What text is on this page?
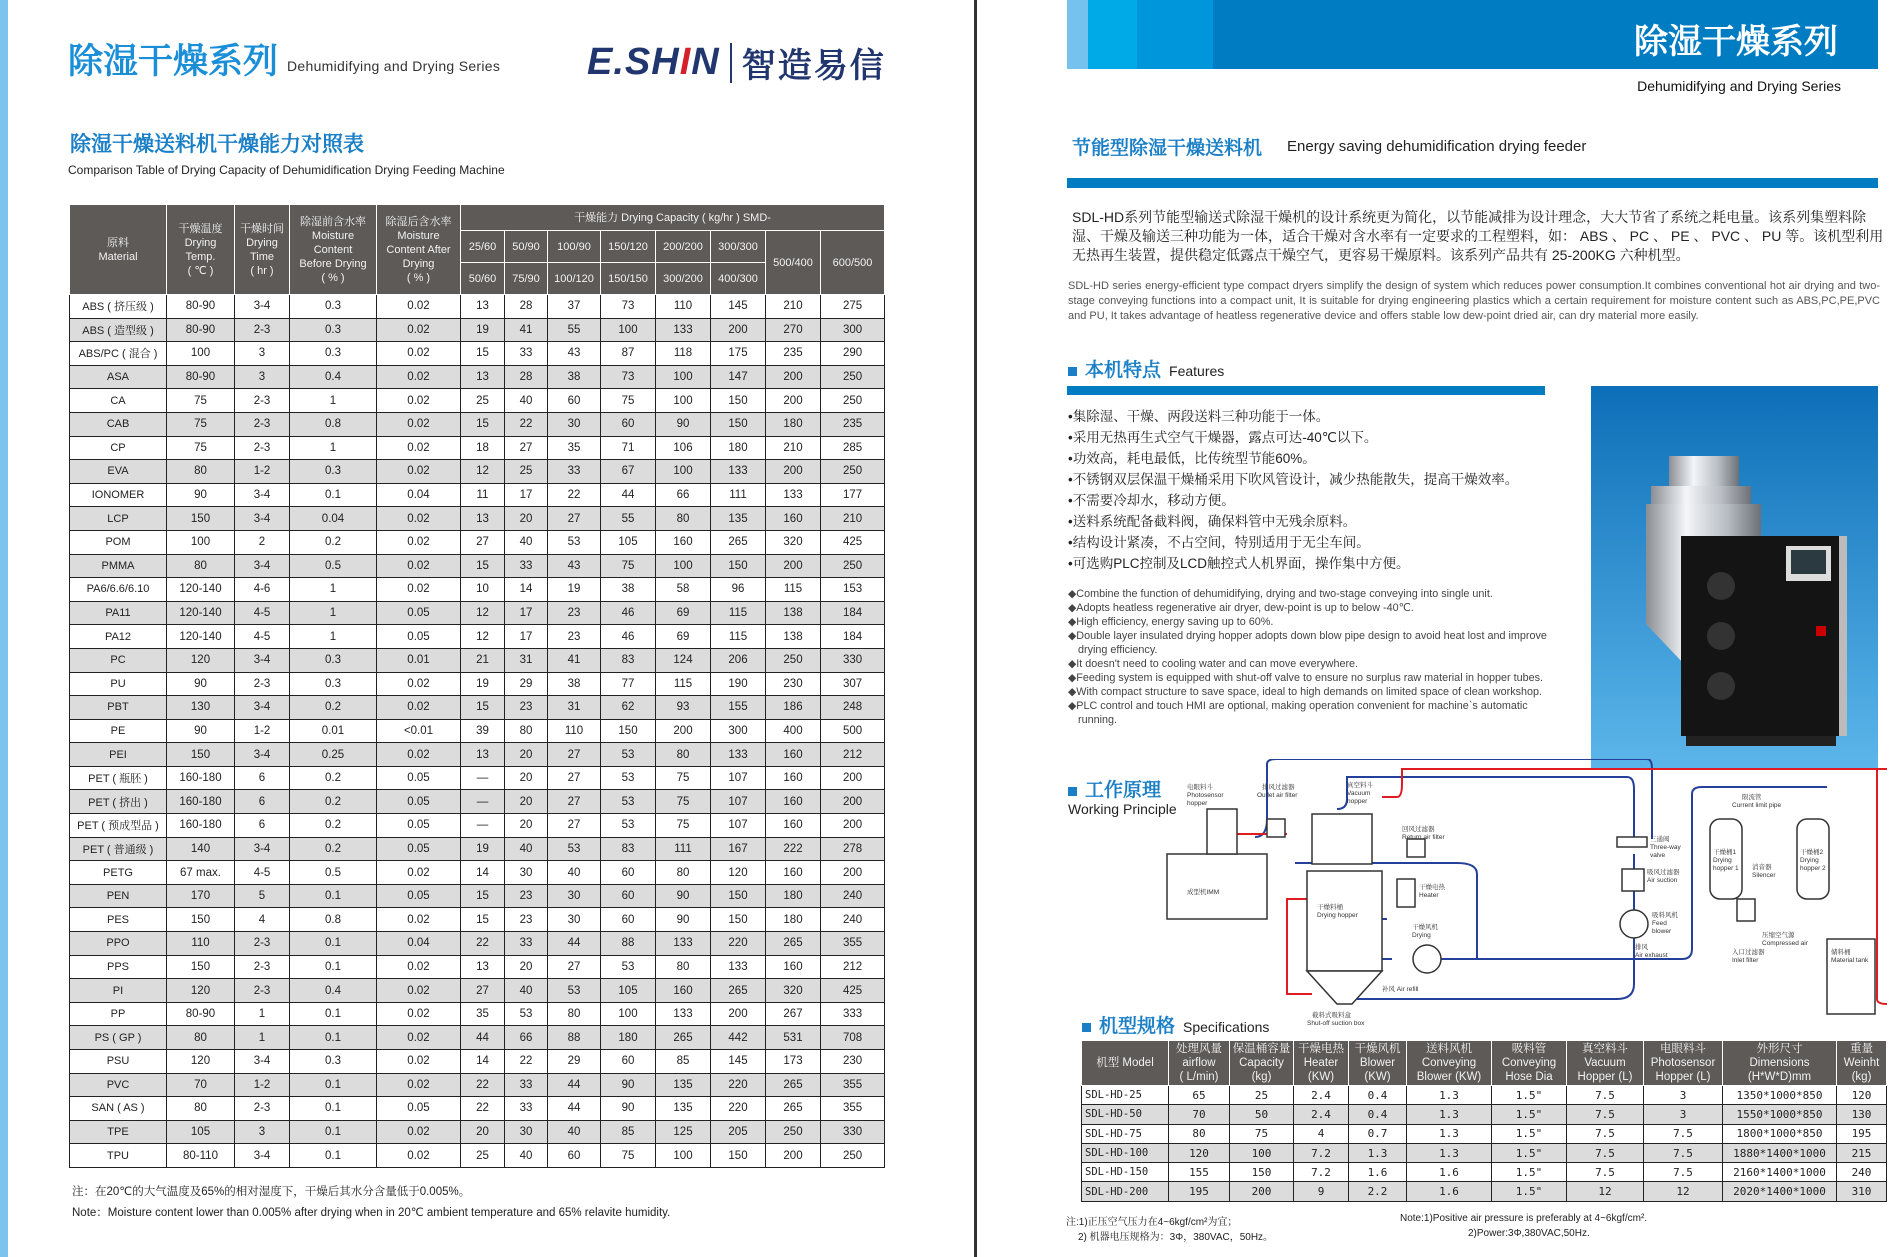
除湿干燥系列 Dehumidifying and Drying Series E.SHIN 智造易信
除湿干燥送料机干燥能力对照表
Comparison Table of Drying Capacity of Dehumidification Drying Feeding Machine
原料
Material	干燥温度
Drying
Temp.
( ℃ )	干燥时间
Drying
Time
( hr )	除湿前含水率
Moisture
Content
Before Drying
( % )	除湿后含水率
Moisture
Content After
Drying
( % )	干燥能力 Drying Capacity ( kg/hr ) SMD-							
					25/60	50/90	100/90	150/120	200/200	300/300	500/400	600/500
					50/60	75/90	100/120	150/150	300/200	400/300		
ABS ( 挤压级 )	80-90	3-4	0.3	0.02	13	28	37	73	110	145	210	275
ABS ( 造型级 )	80-90	2-3	0.3	0.02	19	41	55	100	133	200	270	300
ABS/PC ( 混合 )	100	3	0.3	0.02	15	33	43	87	118	175	235	290
ASA	80-90	3	0.4	0.02	13	28	38	73	100	147	200	250
CA	75	2-3	1	0.02	25	40	60	75	100	150	200	250
CAB	75	2-3	0.8	0.02	15	22	30	60	90	150	180	235
CP	75	2-3	1	0.02	18	27	35	71	106	180	210	285
EVA	80	1-2	0.3	0.02	12	25	33	67	100	133	200	250
IONOMER	90	3-4	0.1	0.04	11	17	22	44	66	111	133	177
LCP	150	3-4	0.04	0.02	13	20	27	55	80	135	160	210
POM	100	2	0.2	0.02	27	40	53	105	160	265	320	425
PMMA	80	3-4	0.5	0.02	15	33	43	75	100	150	200	250
PA6/6.6/6.10	120-140	4-6	1	0.02	10	14	19	38	58	96	115	153
PA11	120-140	4-5	1	0.05	12	17	23	46	69	115	138	184
PA12	120-140	4-5	1	0.05	12	17	23	46	69	115	138	184
PC	120	3-4	0.3	0.01	21	31	41	83	124	206	250	330
PU	90	2-3	0.3	0.02	19	29	38	77	115	190	230	307
PBT	130	3-4	0.2	0.02	15	23	31	62	93	155	186	248
PE	90	1-2	0.01	<0.01	39	80	110	150	200	300	400	500
PEI	150	3-4	0.25	0.02	13	20	27	53	80	133	160	212
PET ( 瓶胚 )	160-180	6	0.2	0.05	—	20	27	53	75	107	160	200
PET ( 挤出 )	160-180	6	0.2	0.05	—	20	27	53	75	107	160	200
PET ( 预成型品 )	160-180	6	0.2	0.05	—	20	27	53	75	107	160	200
PET ( 普通级 )	140	3-4	0.2	0.05	19	40	53	83	111	167	222	278
PETG	67 max.	4-5	0.5	0.02	14	30	40	60	80	120	160	200
PEN	170	5	0.1	0.05	15	23	30	60	90	150	180	240
PES	150	4	0.8	0.02	15	23	30	60	90	150	180	240
PPO	110	2-3	0.1	0.04	22	33	44	88	133	220	265	355
PPS	150	2-3	0.1	0.02	13	20	27	53	80	133	160	212
PI	120	2-3	0.4	0.02	27	40	53	105	160	265	320	425
PP	80-90	1	0.1	0.02	35	53	80	100	133	200	267	333
PS ( GP )	80	1	0.1	0.02	44	66	88	180	265	442	531	708
PSU	120	3-4	0.3	0.02	14	22	29	60	85	145	173	230
PVC	70	1-2	0.1	0.02	22	33	44	90	135	220	265	355
SAN ( AS )	80	2-3	0.1	0.05	22	33	44	90	135	220	265	355
TPE	105	3	0.1	0.02	20	30	40	85	125	205	250	330
TPU	80-110	3-4	0.1	0.02	25	40	60	75	100	150	200	250
注：在20℃的大气温度及65%的相对湿度下，干燥后其水分含量低于0.005%。
Note：Moisture content lower than 0.005% after drying when in 20℃ ambient temperature and 65% relavite humidity.
除湿干燥系列
Dehumidifying and Drying Series
节能型除湿干燥送料机 Energy saving dehumidification drying feeder
SDL-HD系列节能型输送式除湿干燥机的设计系统更为简化，以节能减排为设计理念，大大节省了系统之耗电量。该系列集塑料除湿、干燥及输送三种功能为一体，适合干燥对含水率有一定要求的工程塑料，如： ABS 、 PC 、 PE 、 PVC 、 PU 等。该机型利用无热再生装置，提供稳定低露点干燥空气，更容易干燥原料。该系列产品共有 25-200KG 六种机型。
SDL-HD series energy-efficient type compact dryers simplify the design of system which reduces power consumption.It combines conventional hot air drying and two-stage conveying functions into a compact unit, It is suitable for drying engineering plastics which a certain requirement for moisture content such as ABS,PC,PE,PVC and PU, It takes advantage of heatless regenerative device and offers stable low dew-point dried air, can dry material more easily.
本机特点 Features
•集除湿、干燥、两段送料三种功能于一体。
•采用无热再生式空气干燥器，露点可达-40℃以下。
•功效高，耗电最低，比传统型节能60%。
•不锈钢双层保温干燥桶采用下吹风管设计，减少热能散失，提高干燥效率。
•不需要冷却水，移动方便。
•送料系统配备截料阀，确保料管中无残余原料。
•结构设计紧凑，不占空间，特别适用于无尘车间。
•可选购PLC控制及LCD触控式人机界面，操作集中方便。
◆Combine the function of dehumidifying, drying and two-stage conveying into single unit.
◆Adopts heatless regenerative air dryer, dew-point is up to below -40℃.
◆High efficiency, energy saving up to 60%.
◆Double layer insulated drying hopper adopts down blow pipe design to avoid heat lost and improve drying efficiency.
◆It doesn't need to cooling water and can move everywhere.
◆Feeding system is equipped with shut-off valve to ensure no surplus raw material in hopper tubes.
◆With compact structure to save space, ideal to high demands on limited space of clean workshop.
◆PLC control and touch HMI are optional, making operation convenient for machine`s automatic running.
工作原理
Working Principle
电眼料斗 Photosensor hopper
排风过滤器 Outlet air filter
真空料斗 Vacuum hopper
回风过滤器 Return air filter	三通阀 Three-way valve
吸风过滤器 Air suction
干燥电热 Heater
干燥料桶 Drying hopper	吸料风机 Feed blower
干燥风机 Drying
排风 Air exhaust
补风 Air refill
截料式吸料盒 Shut-off suction box
成型机IMM
限流管 Current limit pipe
干燥桶1 Drying hopper 1
干燥桶2 Drying hopper 2
消音器 Silencer
压缩空气源 Compressed air
入口过滤器 Inlet filter
储料桶 Material tank
机型规格 Specifications
机型 Model	处理风量
airflow
( L/min)	保温桶容量
Capacity
(kg)	干燥电热
Heater
(KW)	干燥风机
Blower
(KW)	送料风机
Conveying
Blower (KW)	吸料管
Conveying
Hose Dia	真空料斗
Vacuum
Hopper (L)	电眼料斗
Photosensor
Hopper (L)	外形尺寸
Dimensions
(H*W*D)mm	重量
Weinht
(kg)
SDL-HD-25	65	25	2.4	0.4	1.3	1.5"	7.5	3	1350*1000*850	120
SDL-HD-50	70	50	2.4	0.4	1.3	1.5"	7.5	3	1550*1000*850	130
SDL-HD-75	80	75	4	0.7	1.3	1.5"	7.5	7.5	1800*1000*850	195
SDL-HD-100	120	100	7.2	1.3	1.3	1.5"	7.5	7.5	1880*1400*1000	215
SDL-HD-150	155	150	7.2	1.6	1.6	1.5"	7.5	7.5	2160*1400*1000	240
SDL-HD-200	195	200	9	2.2	1.6	1.5"	12	12	2020*1400*1000	310
注:1)正压空气压力在4~6kgf/cm²为宜；
2) 机器电压规格为：3Φ，380VAC，50Hz。
Note:1)Positive air pressure is preferably at 4~6kgf/cm².
2)Power:3Φ,380VAC,50Hz.
